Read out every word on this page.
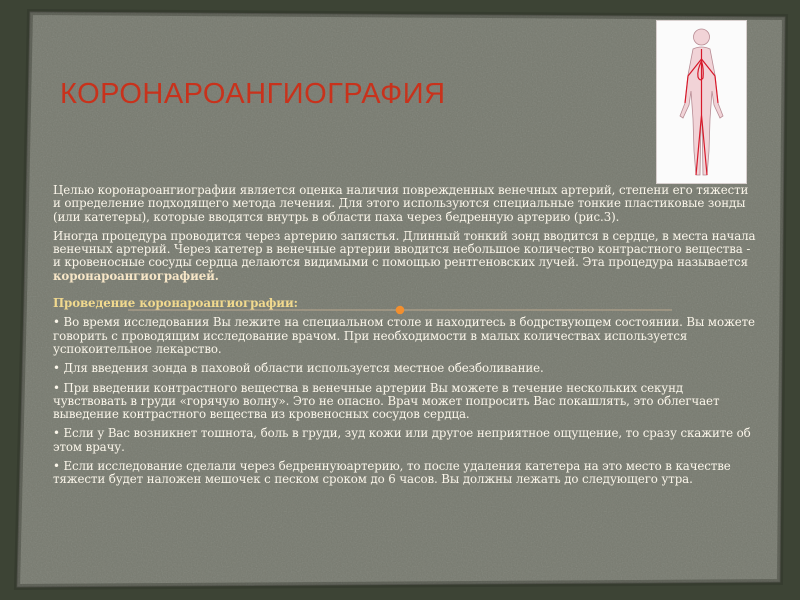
КОРОНАРОАНГИОГРАФИЯ

Целью коронароангиографии является оценка наличия поврежденных венечных артерий, степени его тяжести и определение подходящего метода лечения. Для этого используются специальные тонкие пластиковые зонды (или катетеры), которые вводятся внутрь в области паха через бедренную артерию (рис.3).

Иногда процедура проводится через артерию запястья. Длинный тонкий зонд вводится в сердце, в места начала венечных артерий. Через катетер в венечные артерии вводится небольшое количество контрастного вещества - и кровеносные сосуды сердца делаются видимыми с помощью рентгеновских лучей. Эта процедура называется коронароангиографией.

Проведение коронароангиографии:

• Во время исследования Вы лежите на специальном столе и находитесь в бодрствующем состоянии. Вы можете говорить с проводящим исследование врачом. При необходимости в малых количествах используется успокоительное лекарство.

• Для введения зонда в паховой области используется местное обезболивание.

• При введении контрастного вещества в венечные артерии Вы можете в течение нескольких секунд чувствовать в груди «горячую волну». Это не опасно. Врач может попросить Вас покашлять, это облегчает выведение контрастного вещества из кровеносных сосудов сердца.

• Если у Вас возникнет тошнота, боль в груди, зуд кожи или другое неприятное ощущение, то сразу скажите об этом врачу.

• Если исследование сделали через бедреннуюартерию, то после удаления катетера на это место в качестве тяжести будет наложен мешочек с песком сроком до 6 часов. Вы должны лежать до следующего утра.
